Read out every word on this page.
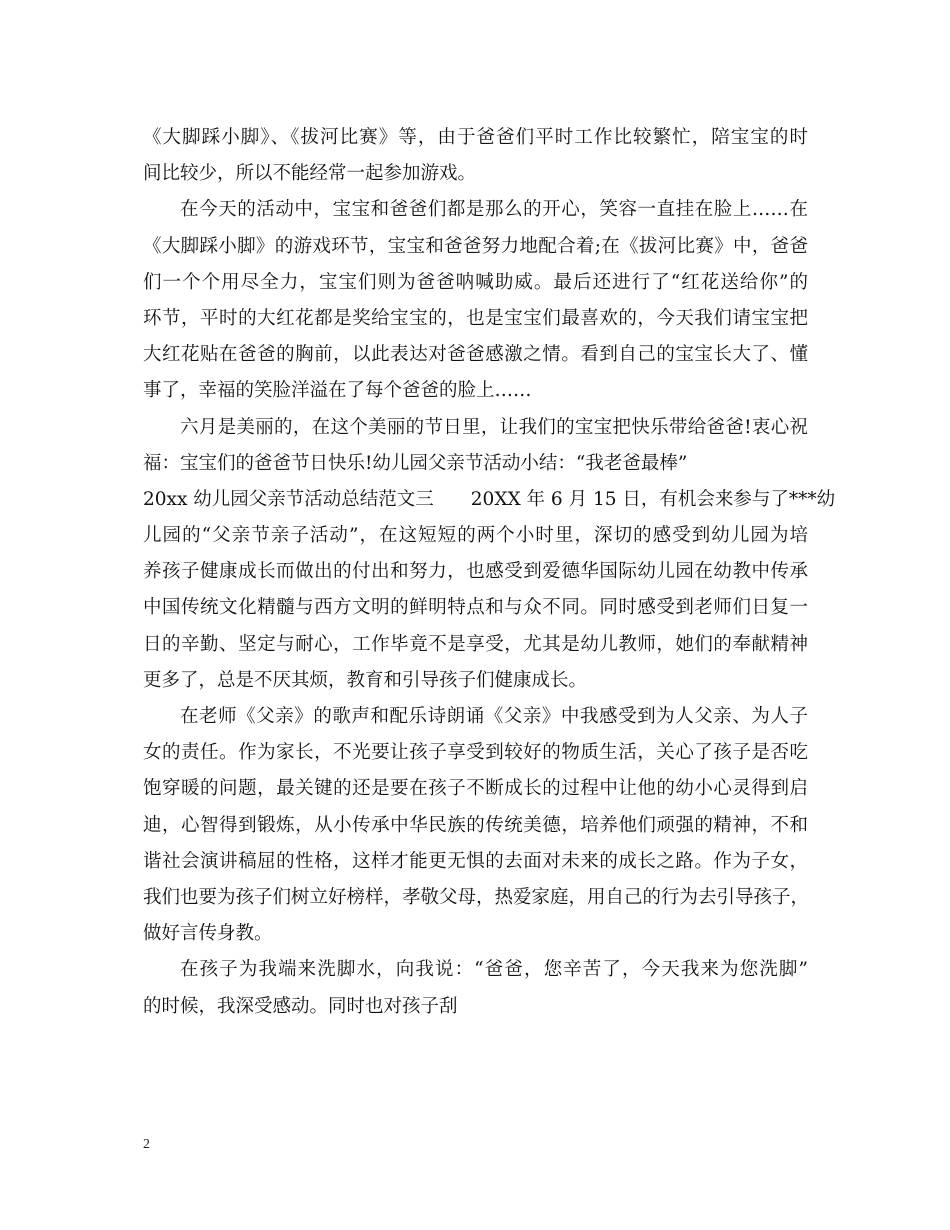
《大脚踩小脚》、《拔河比赛》等，由于爸爸们平时工作比较繁忙，陪宝宝的时
间比较少，所以不能经常一起参加游戏。
在今天的活动中，宝宝和爸爸们都是那么的开心，笑容一直挂在脸上……在
《大脚踩小脚》的游戏环节，宝宝和爸爸努力地配合着;在《拔河比赛》中，爸爸
们一个个用尽全力，宝宝们则为爸爸呐喊助威。最后还进行了“红花送给你”的
环节，平时的大红花都是奖给宝宝的，也是宝宝们最喜欢的，今天我们请宝宝把
大红花贴在爸爸的胸前，以此表达对爸爸感激之情。看到自己的宝宝长大了、懂
事了，幸福的笑脸洋溢在了每个爸爸的脸上……
六月是美丽的，在这个美丽的节日里，让我们的宝宝把快乐带给爸爸!衷心祝
福：宝宝们的爸爸节日快乐!幼儿园父亲节活动小结：“我老爸最棒”
20xx 幼儿园父亲节活动总结范文三　　20XX 年 6 月 15 日，有机会来参与了***幼
儿园的“父亲节亲子活动”，在这短短的两个小时里，深切的感受到幼儿园为培
养孩子健康成长而做出的付出和努力，也感受到爱德华国际幼儿园在幼教中传承
中国传统文化精髓与西方文明的鲜明特点和与众不同。同时感受到老师们日复一
日的辛勤、坚定与耐心，工作毕竟不是享受，尤其是幼儿教师，她们的奉献精神
更多了，总是不厌其烦，教育和引导孩子们健康成长。
在老师《父亲》的歌声和配乐诗朗诵《父亲》中我感受到为人父亲、为人子
女的责任。作为家长，不光要让孩子享受到较好的物质生活，关心了孩子是否吃
饱穿暖的问题，最关键的还是要在孩子不断成长的过程中让他的幼小心灵得到启
迪，心智得到锻炼，从小传承中华民族的传统美德，培养他们顽强的精神，不和
谐社会演讲稿屈的性格，这样才能更无惧的去面对未来的成长之路。作为子女，
我们也要为孩子们树立好榜样，孝敬父母，热爱家庭，用自己的行为去引导孩子，
做好言传身教。
在孩子为我端来洗脚水，向我说：“爸爸，您辛苦了，今天我来为您洗脚”
的时候，我深受感动。同时也对孩子刮
2
